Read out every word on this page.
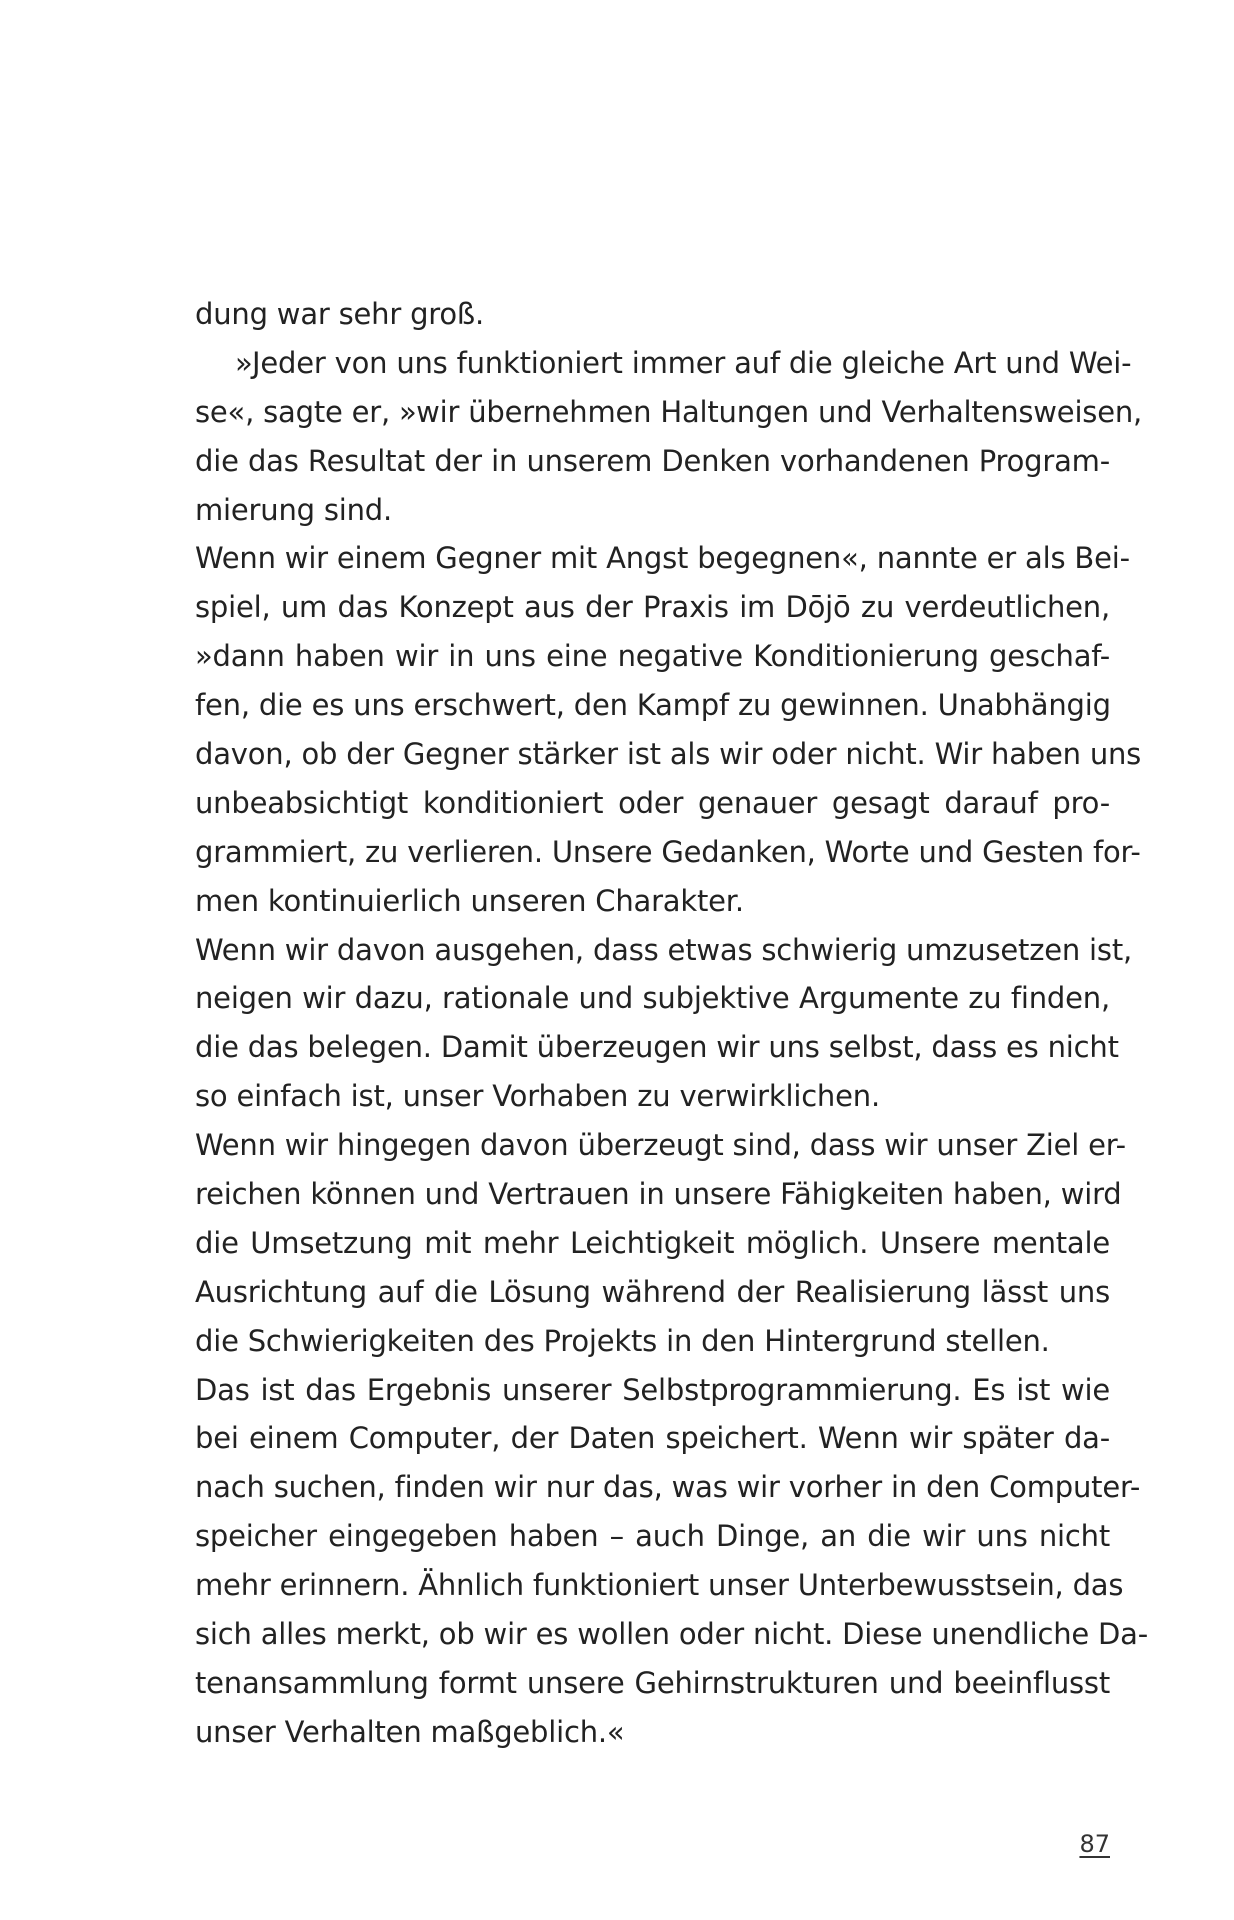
dung war sehr groß.
»Jeder von uns funktioniert immer auf die gleiche Art und Wei-
se«, sagte er, »wir übernehmen Haltungen und Verhaltensweisen,
die das Resultat der in unserem Denken vorhandenen Program-
mierung sind.
Wenn wir einem Gegner mit Angst begegnen«, nannte er als Bei-
spiel, um das Konzept aus der Praxis im Dōjō zu verdeutlichen,
»dann haben wir in uns eine negative Konditionierung geschaf-
fen, die es uns erschwert, den Kampf zu gewinnen. Unabhängig
davon, ob der Gegner stärker ist als wir oder nicht. Wir haben uns
unbeabsichtigt konditioniert oder genauer gesagt darauf pro-
grammiert, zu verlieren. Unsere Gedanken, Worte und Gesten for-
men kontinuierlich unseren Charakter.
Wenn wir davon ausgehen, dass etwas schwierig umzusetzen ist,
neigen wir dazu, rationale und subjektive Argumente zu finden,
die das belegen. Damit überzeugen wir uns selbst, dass es nicht
so einfach ist, unser Vorhaben zu verwirklichen.
Wenn wir hingegen davon überzeugt sind, dass wir unser Ziel er-
reichen können und Vertrauen in unsere Fähigkeiten haben, wird
die Umsetzung mit mehr Leichtigkeit möglich. Unsere mentale
Ausrichtung auf die Lösung während der Realisierung lässt uns
die Schwierigkeiten des Projekts in den Hintergrund stellen.
Das ist das Ergebnis unserer Selbstprogrammierung. Es ist wie
bei einem Computer, der Daten speichert. Wenn wir später da-
nach suchen, finden wir nur das, was wir vorher in den Computer-
speicher eingegeben haben – auch Dinge, an die wir uns nicht
mehr erinnern. Ähnlich funktioniert unser Unterbewusstsein, das
sich alles merkt, ob wir es wollen oder nicht. Diese unendliche Da-
tenansammlung formt unsere Gehirnstrukturen und beeinflusst
unser Verhalten maßgeblich.«
87
